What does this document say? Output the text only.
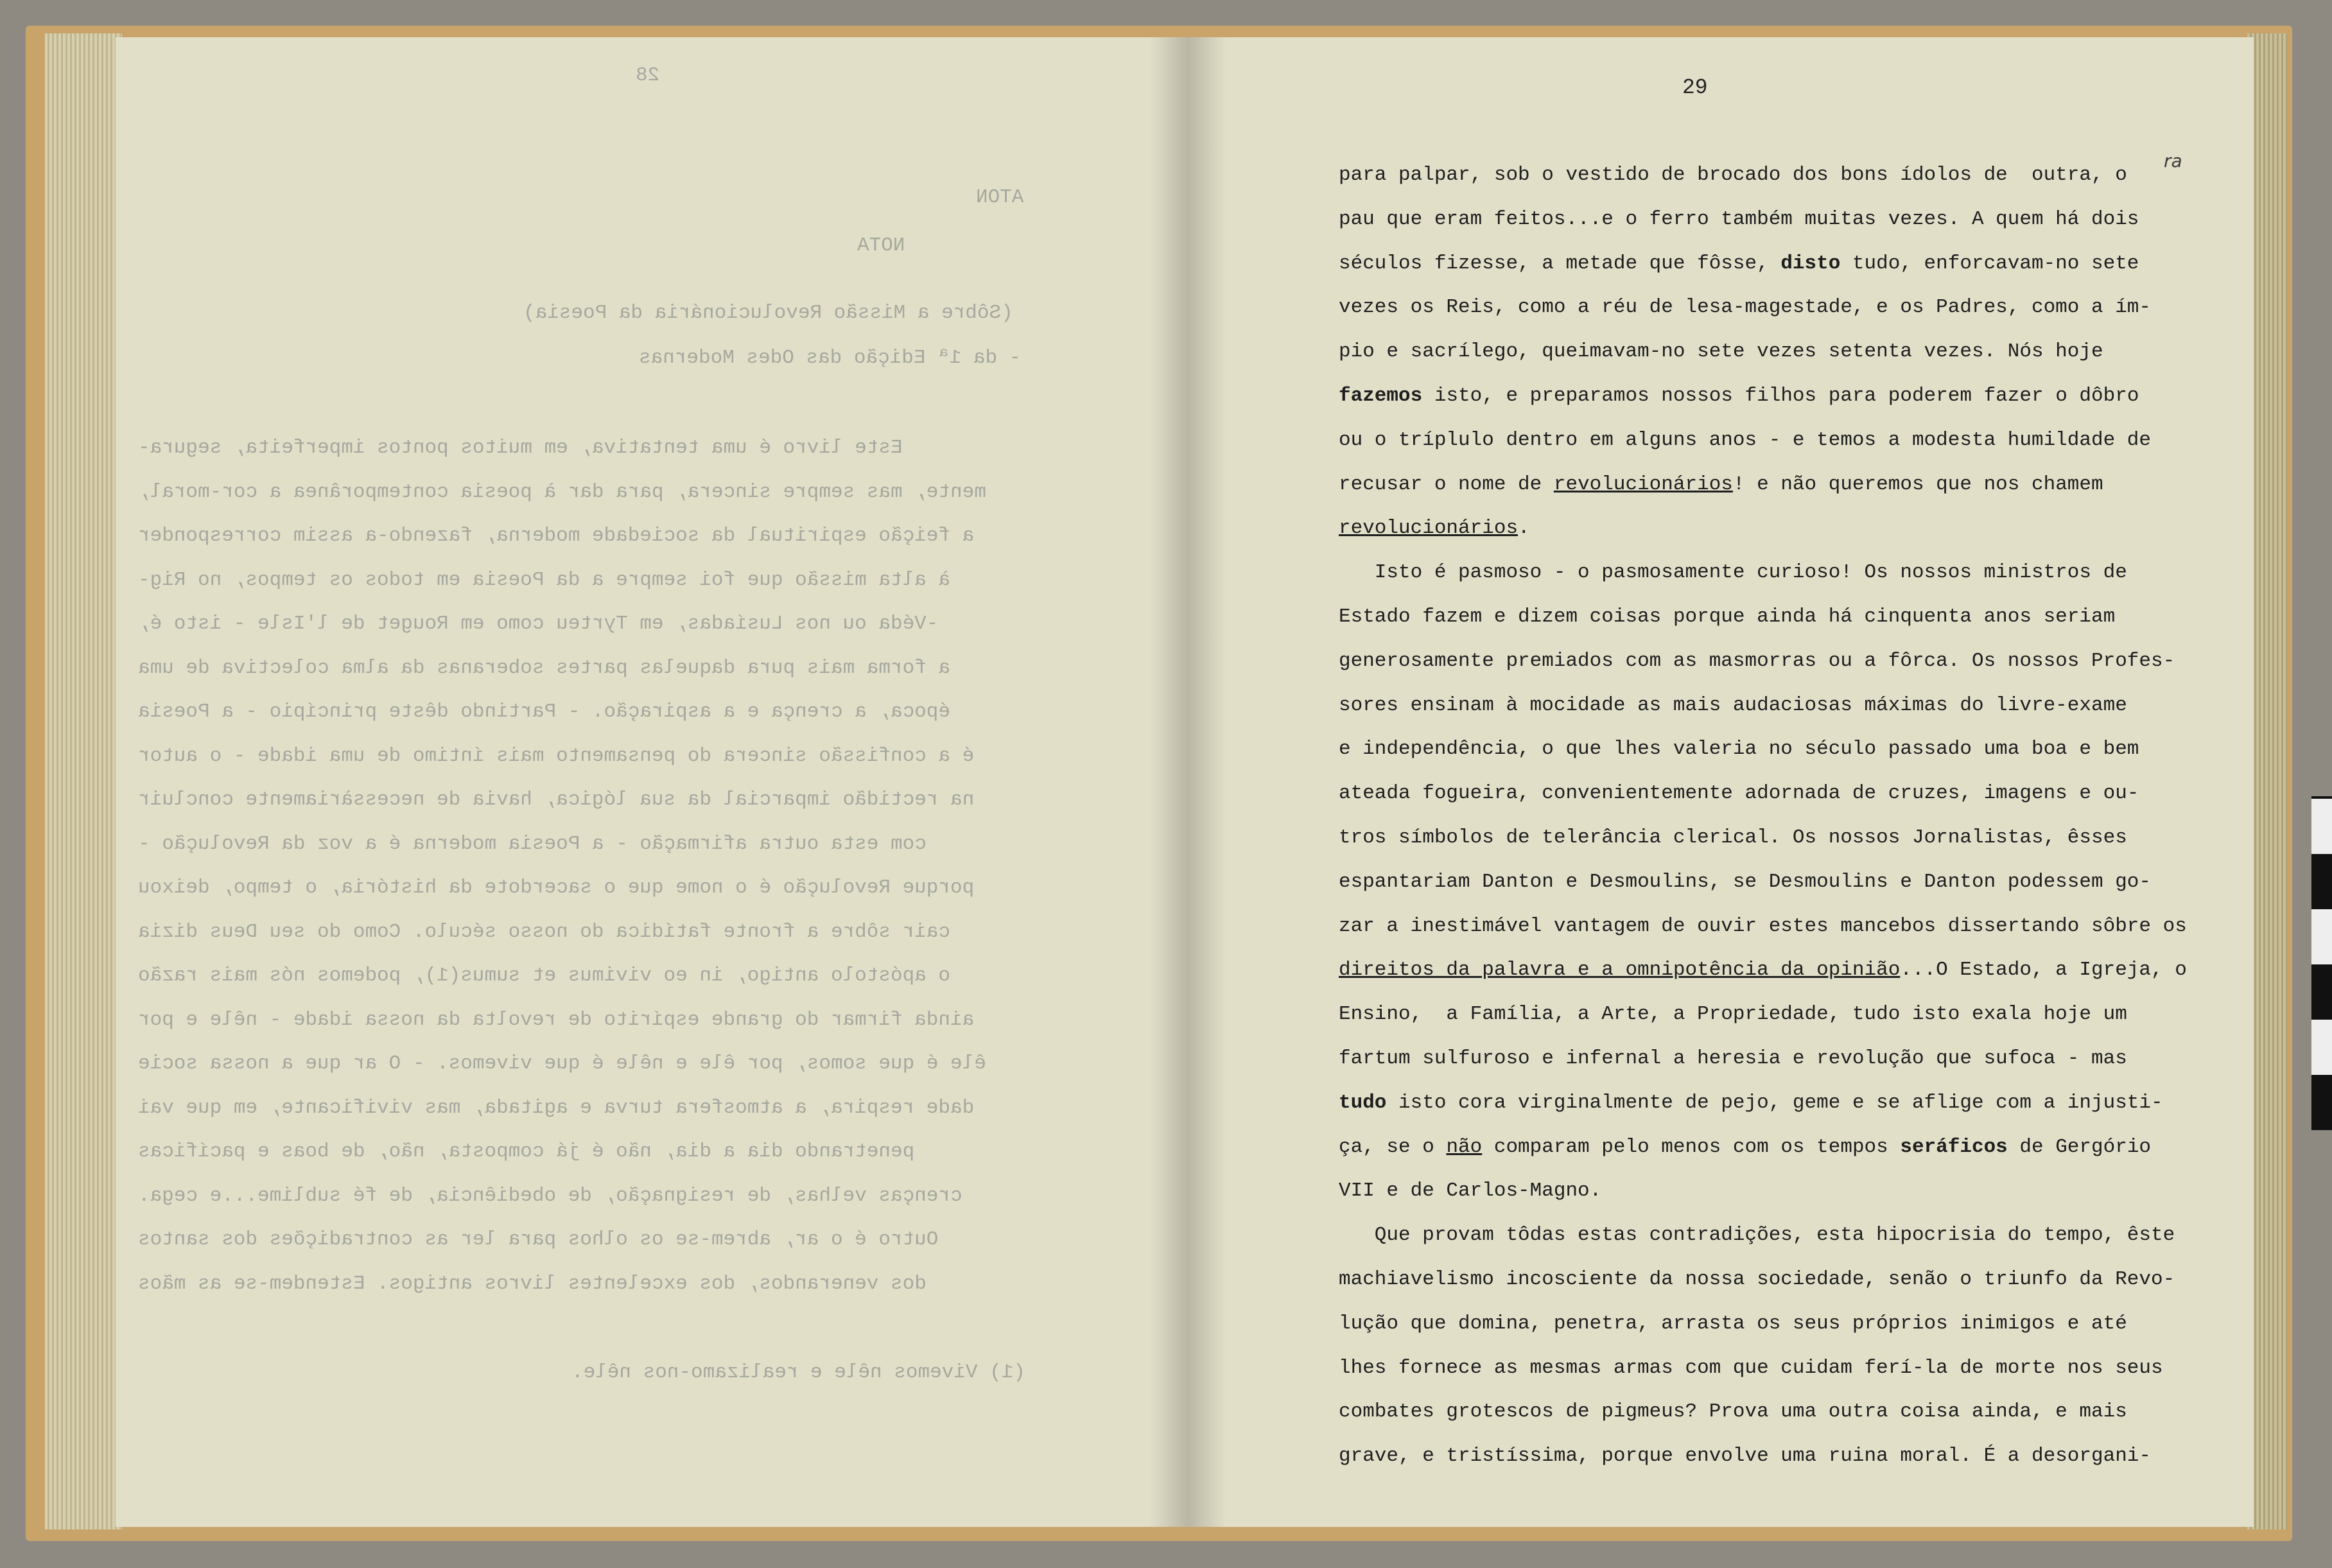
28
ATON
NOTA
(Sôbre a Missão Revolucionária da Poesia)
- da 1ª Edição das Odes Modernas
Este livro é uma tentativa, em muitos pontos imperfeita, segura-
mente, mas sempre sincera, para dar à poesia contemporânea a cor-moral,
a feição espiritual da sociedade moderna, fazendo-a assim corresponder
à alta missão que foi sempre a da Poesia em todos os tempos, no Rig-
-Véda ou nos Lusíadas, em Tyrteu como em Rouget de l'Isle - isto é,
a forma mais pura daquelas partes soberanas da alma colectiva de uma
época, a crença e a aspiração. - Partindo dêste princípio - a Poesia
é a confissão sincera do pensamento mais íntimo de uma idade - o autor
na rectidão imparcial da sua lógica, havia de necessàriamente concluir
com esta outra afirmação - a Poesia moderna é a voz da Revolução -
porque Revolução é o nome que o sacerdote da história, o tempo, deixou
cair sôbre a fronte fatídica do nosso século. Como do seu Deus dizia
o apóstolo antigo, in eo vivimus et sumus(1), podemos nós mais razão
ainda firmar do grande espírito de revolta da nossa idade - nêle e por
êle é que somos, por êle e nêle é que vivemos. - O ar que a nossa socie
dade respira, a atmosfera turva e agitada, mas vivificante, em que vai
penetrando dia a dia, não é já composta, não, de boas e pacíficas
crenças velhas, de resignação, de obediência, de fé sublime...e cega.
Outro é o ar, abrem-se os olhos para ler as contradições dos santos
dos venerandos, dos excelentes livros antigos. Estendem-se as mãos
(1) Vivemos nêle e realizamo-nos nêle.
29
ra
para palpar, sob o vestido de brocado dos bons ídolos de  outra, o
pau que eram feitos...e o ferro também muitas vezes. A quem há dois
séculos fizesse, a metade que fôsse, disto tudo, enforcavam-no sete
vezes os Reis, como a réu de lesa-magestade, e os Padres, como a ím-
pio e sacrílego, queimavam-no sete vezes setenta vezes. Nós hoje
fazemos isto, e preparamos nossos filhos para poderem fazer o dôbro
ou o tríplulo dentro em alguns anos - e temos a modesta humildade de
recusar o nome de revolucionários! e não queremos que nos chamem
revolucionários.
Isto é pasmoso - o pasmosamente curioso! Os nossos ministros de
Estado fazem e dizem coisas porque ainda há cinquenta anos seriam
generosamente premiados com as masmorras ou a fôrca. Os nossos Profes-
sores ensinam à mocidade as mais audaciosas máximas do livre-exame
e independência, o que lhes valeria no século passado uma boa e bem
ateada fogueira, convenientemente adornada de cruzes, imagens e ou-
tros símbolos de telerância clerical. Os nossos Jornalistas, êsses
espantariam Danton e Desmoulins, se Desmoulins e Danton podessem go-
zar a inestimável vantagem de ouvir estes mancebos dissertando sôbre os
direitos da palavra e a omnipotência da opinião...O Estado, a Igreja, o
Ensino,  a Família, a Arte, a Propriedade, tudo isto exala hoje um
fartum sulfuroso e infernal a heresia e revolução que sufoca - mas
tudo isto cora virginalmente de pejo, geme e se aflige com a injusti-
ça, se o não comparam pelo menos com os tempos seráficos de Gergório
VII e de Carlos-Magno.
Que provam tôdas estas contradições, esta hipocrisia do tempo, êste
machiavelismo incosciente da nossa sociedade, senão o triunfo da Revo-
lução que domina, penetra, arrasta os seus próprios inimigos e até
lhes fornece as mesmas armas com que cuidam ferí-la de morte nos seus
combates grotescos de pigmeus? Prova uma outra coisa ainda, e mais
grave, e tristíssima, porque envolve uma ruina moral. É a desorgani-
